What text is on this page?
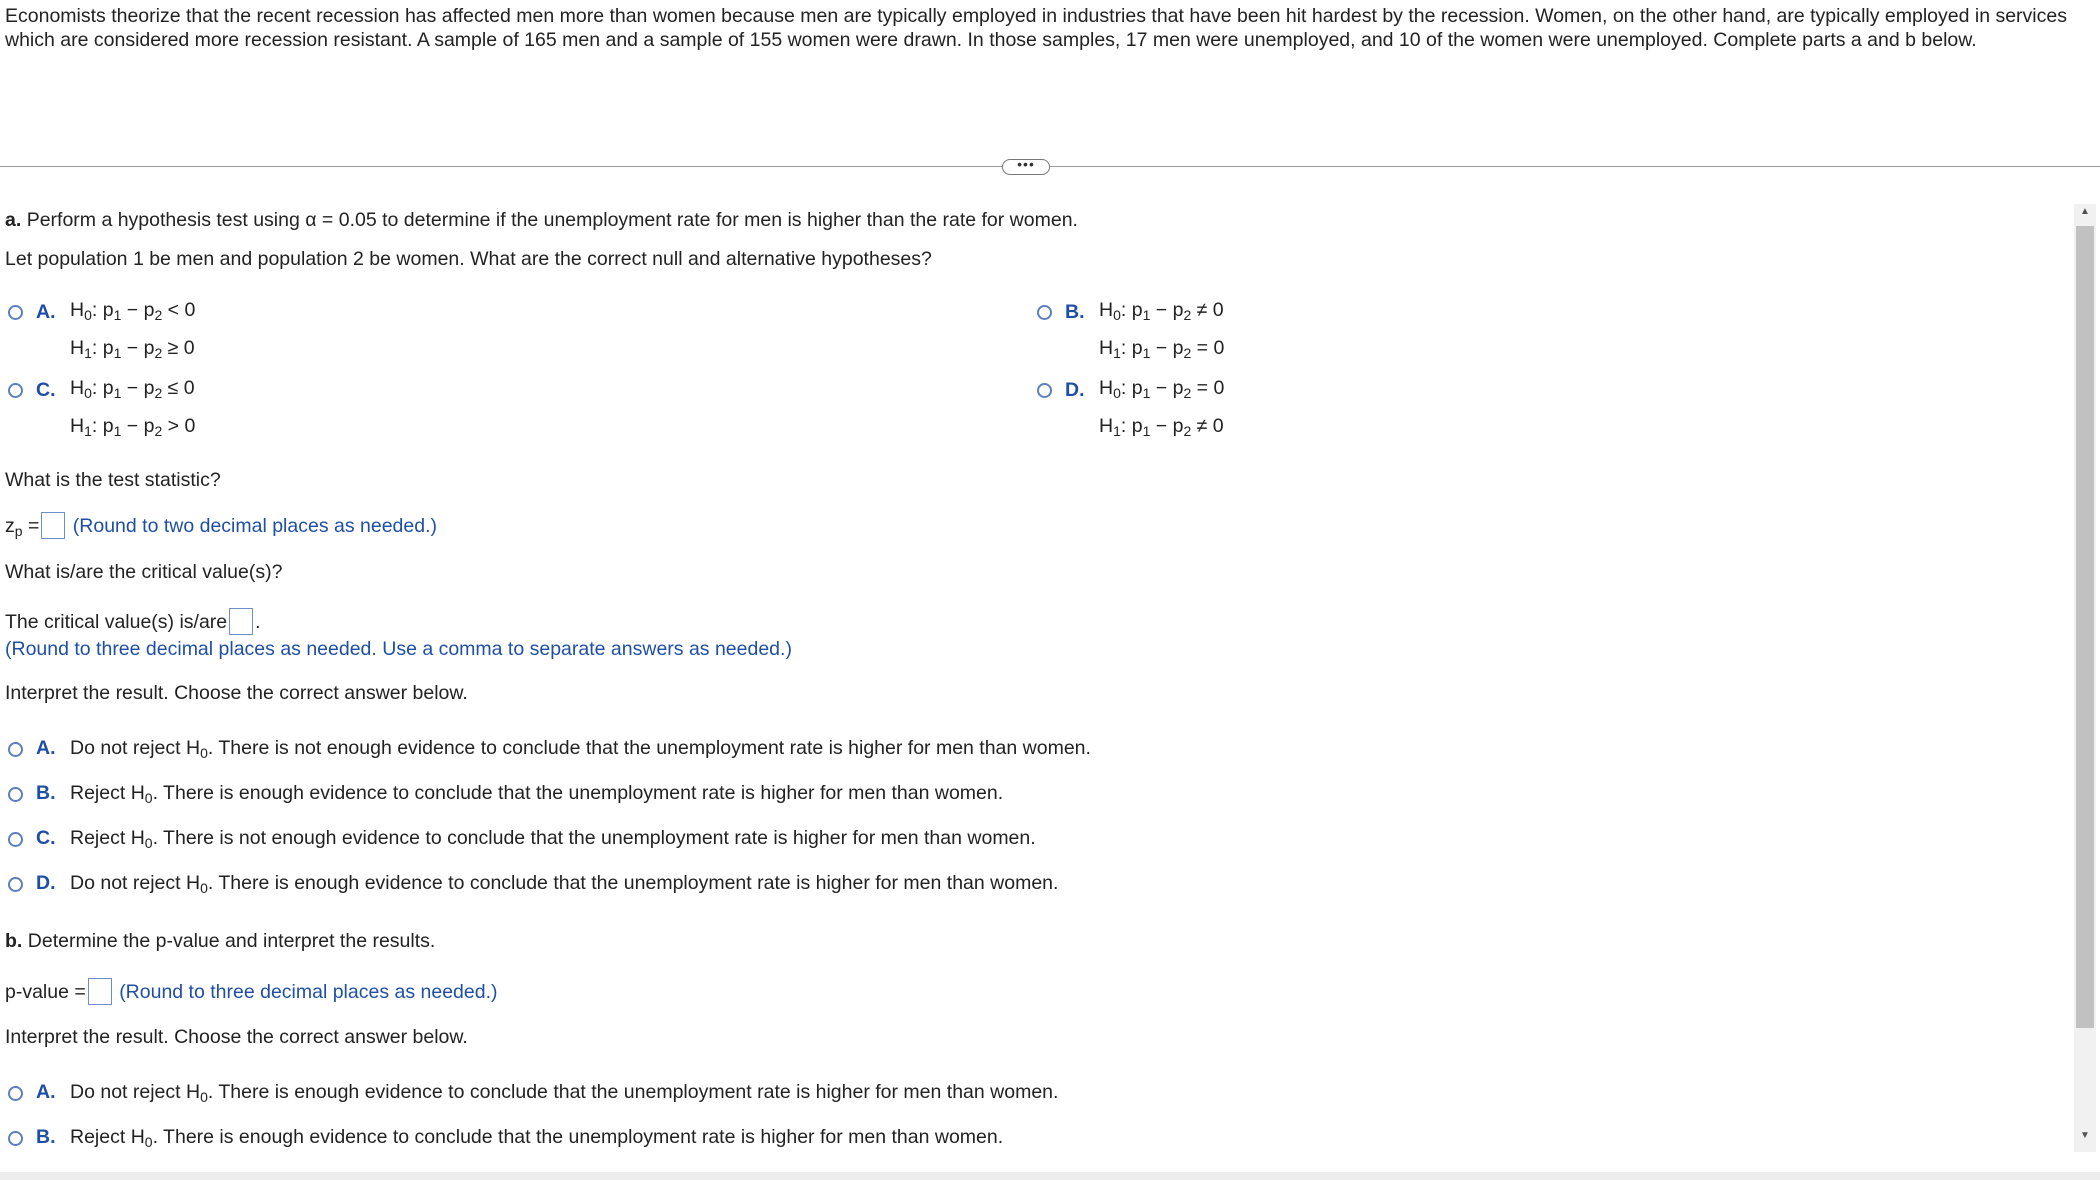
Economists theorize that the recent recession has affected men more than women because men are typically employed in industries that have been hit hardest by the recession. Women, on the other hand, are typically employed in services which are considered more recession resistant. A sample of 165 men and a sample of 155 women were drawn. In those samples, 17 men were unemployed, and 10 of the women were unemployed. Complete parts a and b below.
•••
a. Perform a hypothesis test using α = 0.05 to determine if the unemployment rate for men is higher than the rate for women.
Let population 1 be men and population 2 be women. What are the correct null and alternative hypotheses?
A. $H_0$: $p_1 - p_2 < 0$
$H_1$: $p_1 - p_2 \ge 0$
B. $H_0$: $p_1 - p_2 \ne 0$
$H_1$: $p_1 - p_2 = 0$
C. $H_0$: $p_1 - p_2 \le 0$
$H_1$: $p_1 - p_2 > 0$
D. $H_0$: $p_1 - p_2 = 0$
$H_1$: $p_1 - p_2 \ne 0$
What is the test statistic?
$z_p$ = (Round to two decimal places as needed.)
What is/are the critical value(s)?
The critical value(s) is/are .
(Round to three decimal places as needed. Use a comma to separate answers as needed.)
Interpret the result. Choose the correct answer below.
A. Do not reject $H_0$. There is not enough evidence to conclude that the unemployment rate is higher for men than women.
B. Reject $H_0$. There is enough evidence to conclude that the unemployment rate is higher for men than women.
C. Reject $H_0$. There is not enough evidence to conclude that the unemployment rate is higher for men than women.
D. Do not reject $H_0$. There is enough evidence to conclude that the unemployment rate is higher for men than women.
b. Determine the p-value and interpret the results.
p-value = (Round to three decimal places as needed.)
Interpret the result. Choose the correct answer below.
A. Do not reject $H_0$. There is enough evidence to conclude that the unemployment rate is higher for men than women.
B. Reject $H_0$. There is enough evidence to conclude that the unemployment rate is higher for men than women.
▲
▼
